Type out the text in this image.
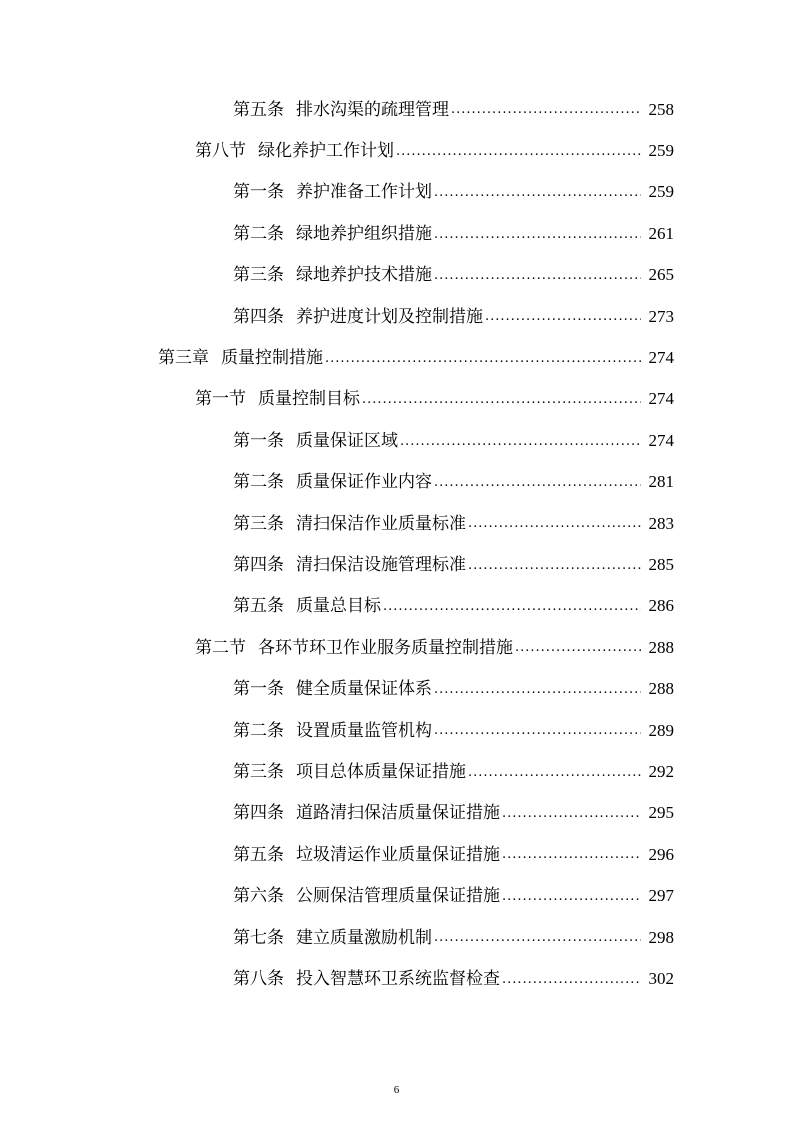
第五条 排水沟渠的疏理管理 .....	258
第八节 绿化养护工作计划 .....	259
第一条 养护准备工作计划 .....	259
第二条 绿地养护组织措施 .....	261
第三条 绿地养护技术措施 .....	265
第四条 养护进度计划及控制措施 .....	273
第三章 质量控制措施 .....	274
第一节 质量控制目标 .....	274
第一条 质量保证区域 .....	274
第二条 质量保证作业内容 .....	281
第三条 清扫保洁作业质量标准 .....	283
第四条 清扫保洁设施管理标准 .....	285
第五条 质量总目标 .....	286
第二节 各环节环卫作业服务质量控制措施 .....	288
第一条 健全质量保证体系 .....	288
第二条 设置质量监管机构 .....	289
第三条 项目总体质量保证措施 .....	292
第四条 道路清扫保洁质量保证措施 .....	295
第五条 垃圾清运作业质量保证措施 .....	296
第六条 公厕保洁管理质量保证措施 .....	297
第七条 建立质量激励机制 .....	298
第八条 投入智慧环卫系统监督检查 .....	302
6
